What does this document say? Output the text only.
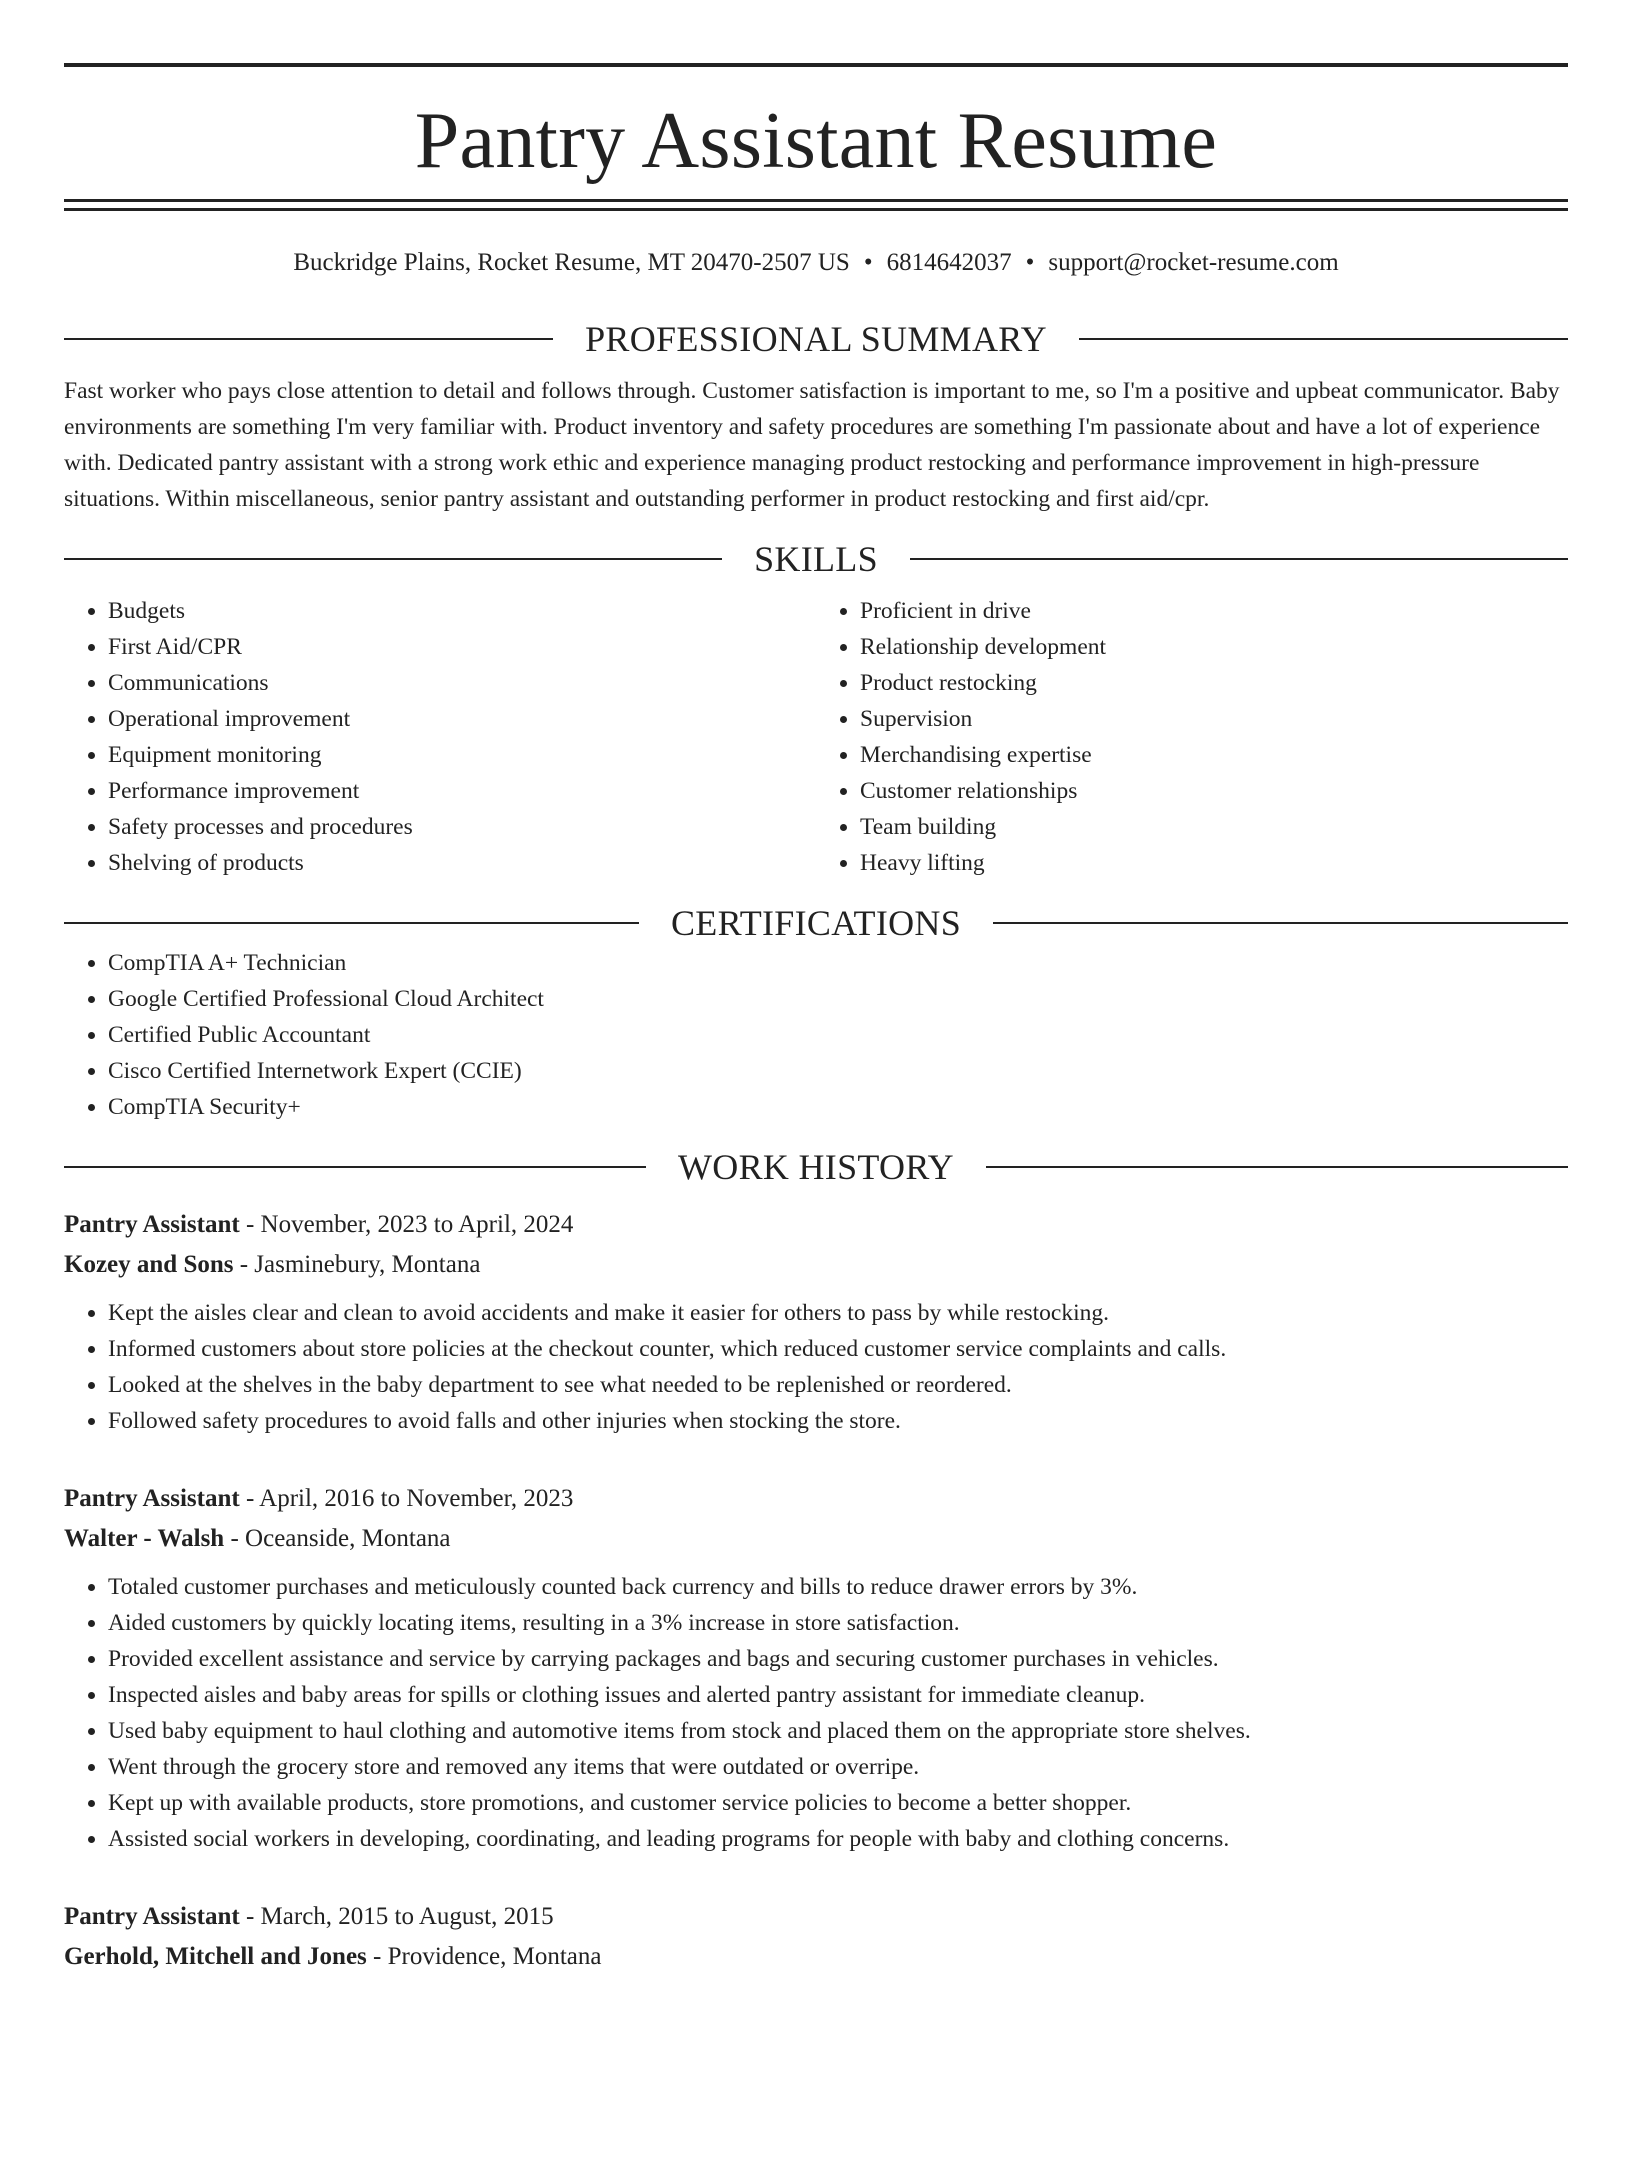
Pantry Assistant Resume
Buckridge Plains, Rocket Resume, MT 20470-2507 US • 6814642037 • support@rocket-resume.com
PROFESSIONAL SUMMARY
Fast worker who pays close attention to detail and follows through. Customer satisfaction is important to me, so I'm a positive and upbeat communicator. Baby environments are something I'm very familiar with. Product inventory and safety procedures are something I'm passionate about and have a lot of experience with. Dedicated pantry assistant with a strong work ethic and experience managing product restocking and performance improvement in high-pressure situations. Within miscellaneous, senior pantry assistant and outstanding performer in product restocking and first aid/cpr.
SKILLS
• Budgets
• First Aid/CPR
• Communications
• Operational improvement
• Equipment monitoring
• Performance improvement
• Safety processes and procedures
• Shelving of products
• Proficient in drive
• Relationship development
• Product restocking
• Supervision
• Merchandising expertise
• Customer relationships
• Team building
• Heavy lifting
CERTIFICATIONS
• CompTIA A+ Technician
• Google Certified Professional Cloud Architect
• Certified Public Accountant
• Cisco Certified Internetwork Expert (CCIE)
• CompTIA Security+
WORK HISTORY
Pantry Assistant - November, 2023 to April, 2024
Kozey and Sons - Jasminebury, Montana
• Kept the aisles clear and clean to avoid accidents and make it easier for others to pass by while restocking.
• Informed customers about store policies at the checkout counter, which reduced customer service complaints and calls.
• Looked at the shelves in the baby department to see what needed to be replenished or reordered.
• Followed safety procedures to avoid falls and other injuries when stocking the store.
Pantry Assistant - April, 2016 to November, 2023
Walter - Walsh - Oceanside, Montana
• Totaled customer purchases and meticulously counted back currency and bills to reduce drawer errors by 3%.
• Aided customers by quickly locating items, resulting in a 3% increase in store satisfaction.
• Provided excellent assistance and service by carrying packages and bags and securing customer purchases in vehicles.
• Inspected aisles and baby areas for spills or clothing issues and alerted pantry assistant for immediate cleanup.
• Used baby equipment to haul clothing and automotive items from stock and placed them on the appropriate store shelves.
• Went through the grocery store and removed any items that were outdated or overripe.
• Kept up with available products, store promotions, and customer service policies to become a better shopper.
• Assisted social workers in developing, coordinating, and leading programs for people with baby and clothing concerns.
Pantry Assistant - March, 2015 to August, 2015
Gerhold, Mitchell and Jones - Providence, Montana
